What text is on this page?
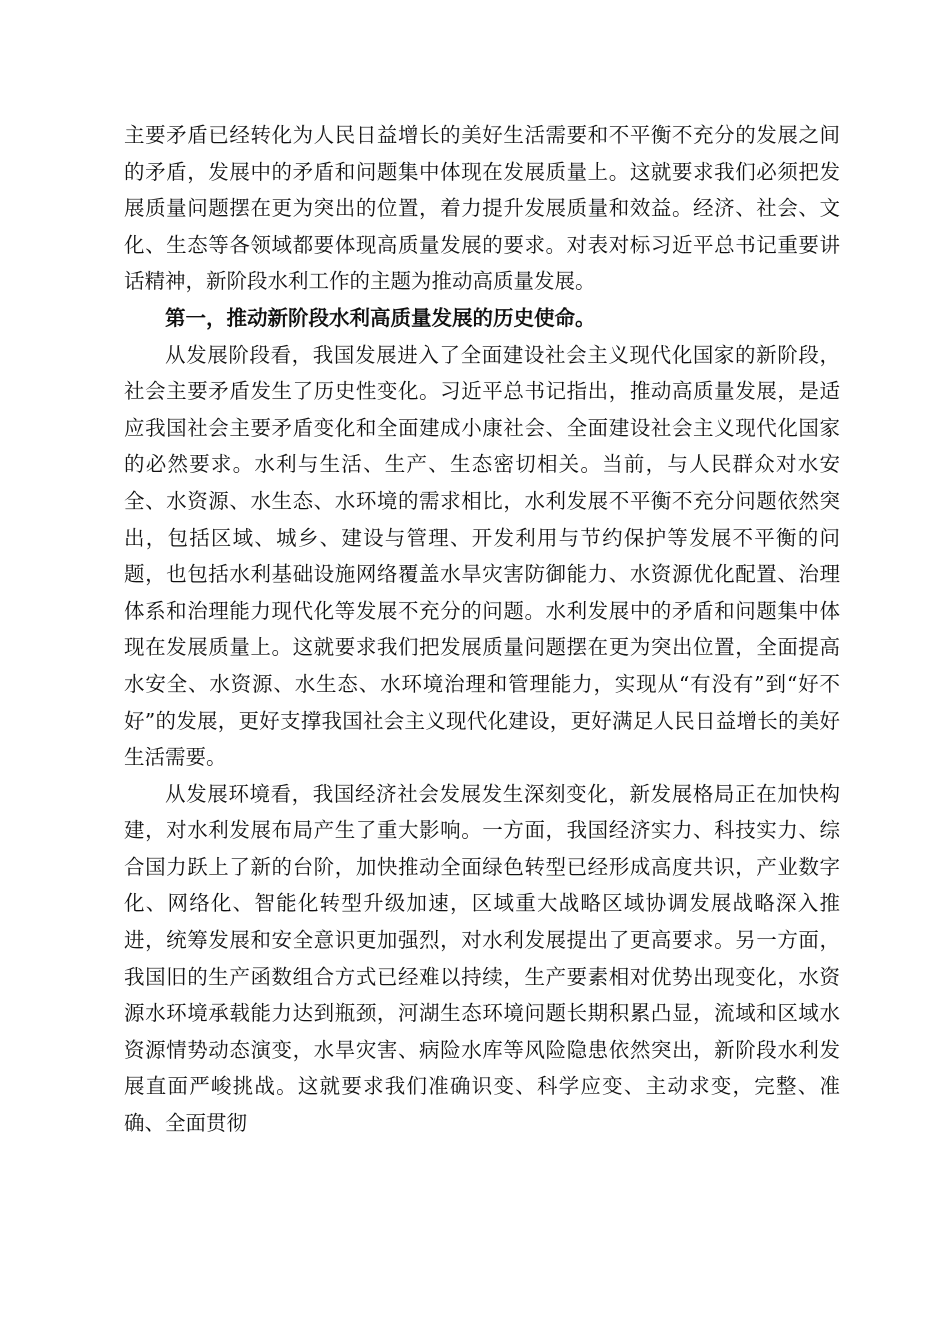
主要矛盾已经转化为人民日益增长的美好生活需要和不平衡不充分的发展之间的矛盾，发展中的矛盾和问题集中体现在发展质量上。这就要求我们必须把发展质量问题摆在更为突出的位置，着力提升发展质量和效益。经济、社会、文化、生态等各领域都要体现高质量发展的要求。对表对标习近平总书记重要讲话精神，新阶段水利工作的主题为推动高质量发展。

第一，推动新阶段水利高质量发展的历史使命。

从发展阶段看，我国发展进入了全面建设社会主义现代化国家的新阶段，社会主要矛盾发生了历史性变化。习近平总书记指出，推动高质量发展，是适应我国社会主要矛盾变化和全面建成小康社会、全面建设社会主义现代化国家的必然要求。水利与生活、生产、生态密切相关。当前，与人民群众对水安全、水资源、水生态、水环境的需求相比，水利发展不平衡不充分问题依然突出，包括区域、城乡、建设与管理、开发利用与节约保护等发展不平衡的问题，也包括水利基础设施网络覆盖水旱灾害防御能力、水资源优化配置、治理体系和治理能力现代化等发展不充分的问题。水利发展中的矛盾和问题集中体现在发展质量上。这就要求我们把发展质量问题摆在更为突出位置，全面提高水安全、水资源、水生态、水环境治理和管理能力，实现从“有没有”到“好不好”的发展，更好支撑我国社会主义现代化建设，更好满足人民日益增长的美好生活需要。

从发展环境看，我国经济社会发展发生深刻变化，新发展格局正在加快构建，对水利发展布局产生了重大影响。一方面，我国经济实力、科技实力、综合国力跃上了新的台阶，加快推动全面绿色转型已经形成高度共识，产业数字化、网络化、智能化转型升级加速，区域重大战略区域协调发展战略深入推进，统筹发展和安全意识更加强烈，对水利发展提出了更高要求。另一方面，我国旧的生产函数组合方式已经难以持续，生产要素相对优势出现变化，水资源水环境承载能力达到瓶颈，河湖生态环境问题长期积累凸显，流域和区域水资源情势动态演变，水旱灾害、病险水库等风险隐患依然突出，新阶段水利发展直面严峻挑战。这就要求我们准确识变、科学应变、主动求变，完整、准确、全面贯彻
